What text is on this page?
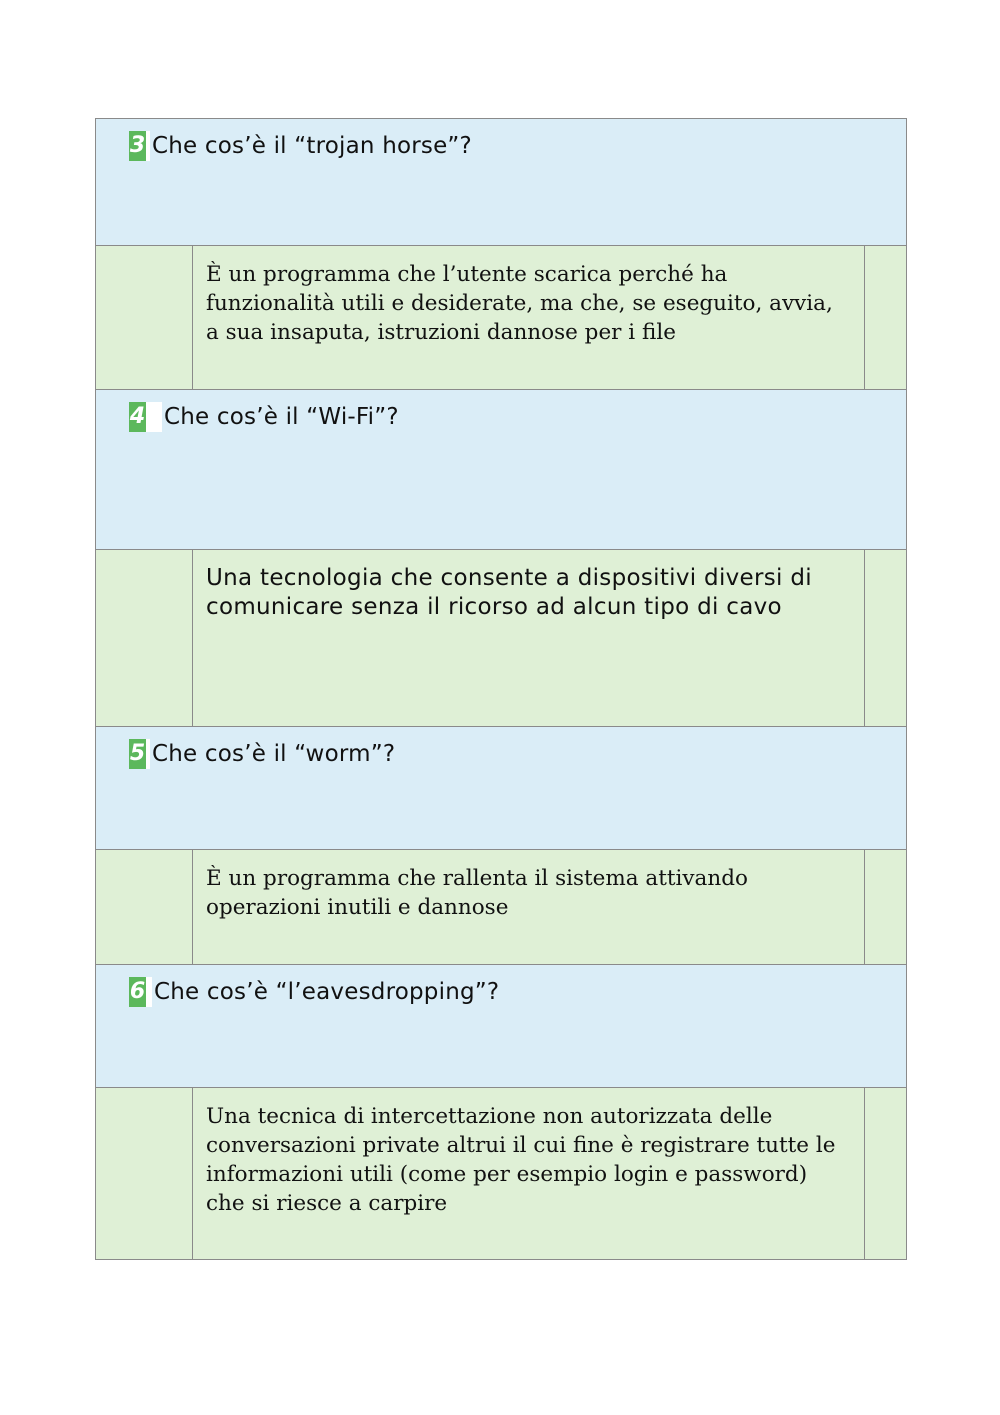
3 Che cos’è il “trojan horse”?
È un programma che l’utente scarica perché ha funzionalità utili e desiderate, ma che, se eseguito, avvia, a sua insaputa, istruzioni dannose per i file
4 Che cos’è il “Wi-Fi”?
Una tecnologia che consente a dispositivi diversi di comunicare senza il ricorso ad alcun tipo di cavo
5 Che cos’è il “worm”?
È un programma che rallenta il sistema attivando operazioni inutili e dannose
6 Che cos’è “l’eavesdropping”?
Una tecnica di intercettazione non autorizzata delle conversazioni private altrui il cui fine è registrare tutte le informazioni utili (come per esempio login e password) che si riesce a carpire
